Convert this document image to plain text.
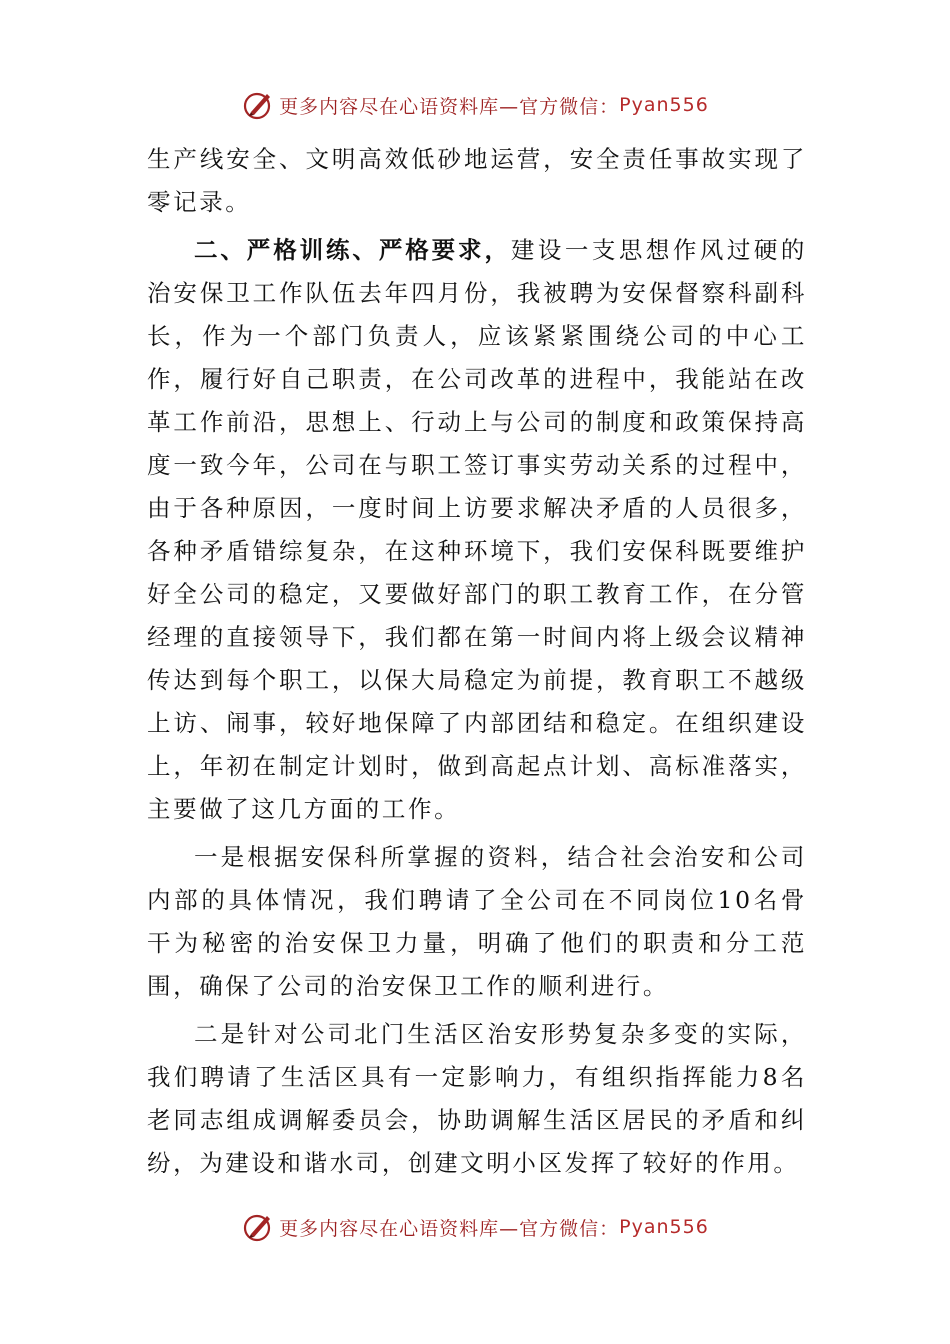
更多内容尽在心语资料库—官方微信： Pyan556

生产线安全、文明高效低砂地运营，安全责任事故实现了零记录。

二、严格训练、严格要求，建设一支思想作风过硬的治安保卫工作队伍去年四月份，我被聘为安保督察科副科长，作为一个部门负责人，应该紧紧围绕公司的中心工作，履行好自己职责，在公司改革的进程中，我能站在改革工作前沿，思想上、行动上与公司的制度和政策保持高度一致今年，公司在与职工签订事实劳动关系的过程中，由于各种原因，一度时间上访要求解决矛盾的人员很多，各种矛盾错综复杂，在这种环境下，我们安保科既要维护好全公司的稳定，又要做好部门的职工教育工作，在分管经理的直接领导下，我们都在第一时间内将上级会议精神传达到每个职工，以保大局稳定为前提，教育职工不越级上访、闹事，较好地保障了内部团结和稳定。在组织建设上，年初在制定计划时，做到高起点计划、高标准落实，主要做了这几方面的工作。

一是根据安保科所掌握的资料，结合社会治安和公司内部的具体情况，我们聘请了全公司在不同岗位10名骨干为秘密的治安保卫力量，明确了他们的职责和分工范围，确保了公司的治安保卫工作的顺利进行。

二是针对公司北门生活区治安形势复杂多变的实际，我们聘请了生活区具有一定影响力，有组织指挥能力8名老同志组成调解委员会，协助调解生活区居民的矛盾和纠纷，为建设和谐水司，创建文明小区发挥了较好的作用。

更多内容尽在心语资料库—官方微信： Pyan556
